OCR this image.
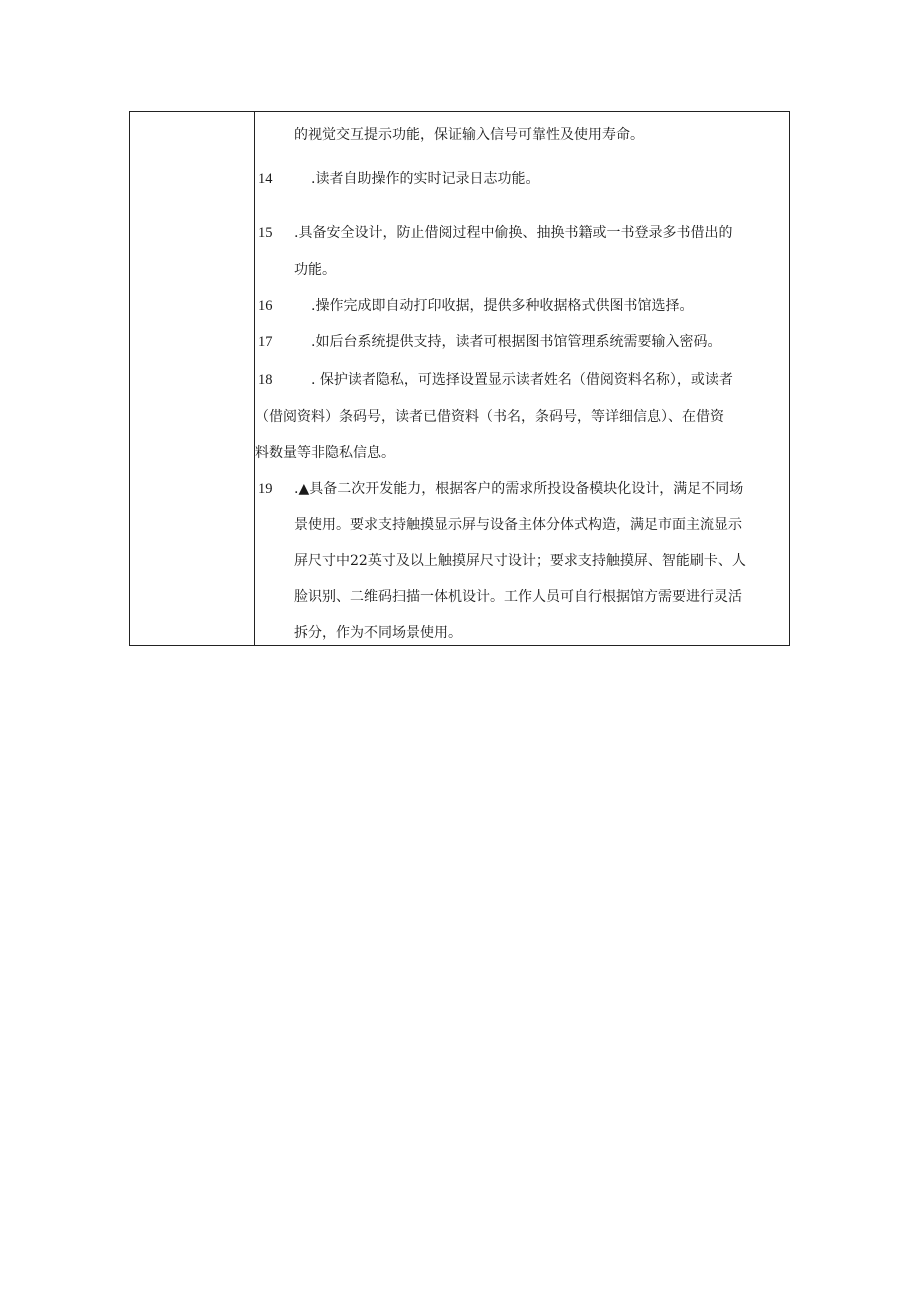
的视觉交互提示功能，保证输入信号可靠性及使用寿命。
14	.读者自助操作的实时记录日志功能。
15 .具备安全设计，防止借阅过程中偷换、抽换书籍或一书登录多书借出的
功能。
16	.操作完成即自动打印收据，提供多种收据格式供图书馆选择。
17	.如后台系统提供支持，读者可根据图书馆管理系统需要输入密码。
18	. 保护读者隐私，可选择设置显示读者姓名（借阅资料名称），或读者
（借阅资料）条码号，读者已借资料（书名，条码号，等详细信息）、在借资
料数量等非隐私信息。
19 .▲具备二次开发能力，根据客户的需求所投设备模块化设计，满足不同场
景使用。要求支持触摸显示屏与设备主体分体式构造，满足市面主流显示
屏尺寸中22英寸及以上触摸屏尺寸设计；要求支持触摸屏、智能刷卡、人
脸识别、二维码扫描一体机设计。工作人员可自行根据馆方需要进行灵活
拆分，作为不同场景使用。
